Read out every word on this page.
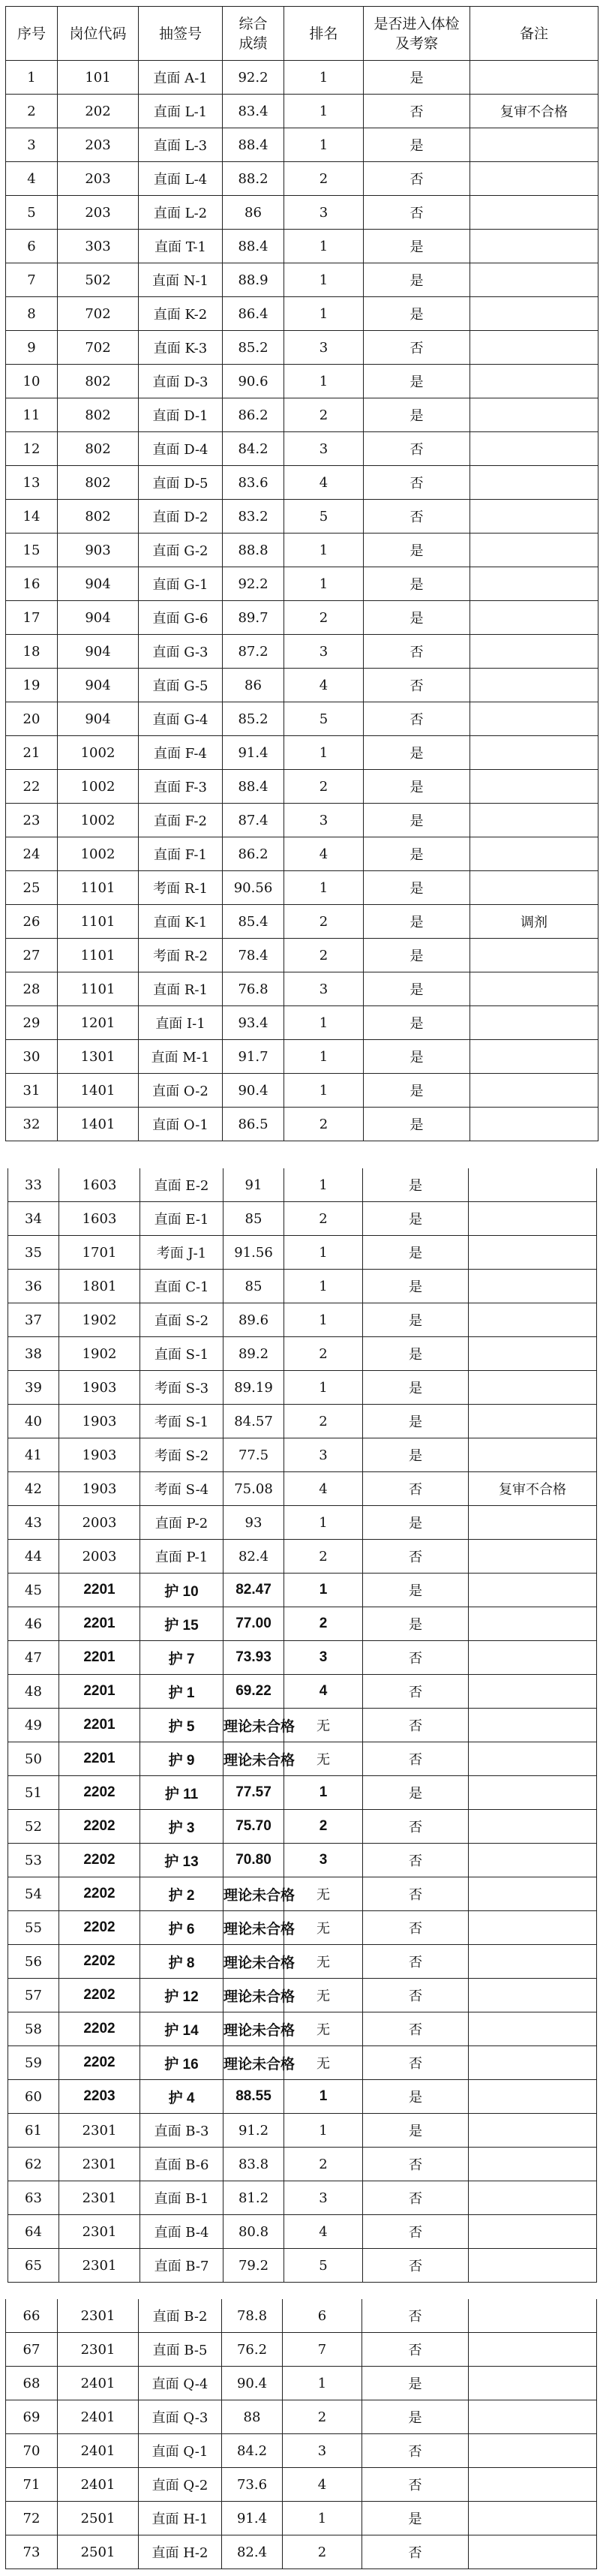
序号	岗位代码	抽签号	综合成绩	排名	是否进入体检及考察	备注
1	101	直面 A-1	92.2	1	是	
2	202	直面 L-1	83.4	1	否	复审不合格
3	203	直面 L-3	88.4	1	是	
4	203	直面 L-4	88.2	2	否	
5	203	直面 L-2	86	3	否	
6	303	直面 T-1	88.4	1	是	
7	502	直面 N-1	88.9	1	是	
8	702	直面 K-2	86.4	1	是	
9	702	直面 K-3	85.2	3	否	
10	802	直面 D-3	90.6	1	是	
11	802	直面 D-1	86.2	2	是	
12	802	直面 D-4	84.2	3	否	
13	802	直面 D-5	83.6	4	否	
14	802	直面 D-2	83.2	5	否	
15	903	直面 G-2	88.8	1	是	
16	904	直面 G-1	92.2	1	是	
17	904	直面 G-6	89.7	2	是	
18	904	直面 G-3	87.2	3	否	
19	904	直面 G-5	86	4	否	
20	904	直面 G-4	85.2	5	否	
21	1002	直面 F-4	91.4	1	是	
22	1002	直面 F-3	88.4	2	是	
23	1002	直面 F-2	87.4	3	是	
24	1002	直面 F-1	86.2	4	是	
25	1101	考面 R-1	90.56	1	是	
26	1101	直面 K-1	85.4	2	是	调剂
27	1101	考面 R-2	78.4	2	是	
28	1101	直面 R-1	76.8	3	是	
29	1201	直面 I-1	93.4	1	是	
30	1301	直面 M-1	91.7	1	是	
31	1401	直面 O-2	90.4	1	是	
32	1401	直面 O-1	86.5	2	是	
33	1603	直面 E-2	91	1	是	
34	1603	直面 E-1	85	2	是	
35	1701	考面 J-1	91.56	1	是	
36	1801	直面 C-1	85	1	是	
37	1902	直面 S-2	89.6	1	是	
38	1902	直面 S-1	89.2	2	是	
39	1903	考面 S-3	89.19	1	是	
40	1903	考面 S-1	84.57	2	是	
41	1903	考面 S-2	77.5	3	是	
42	1903	考面 S-4	75.08	4	否	复审不合格
43	2003	直面 P-2	93	1	是	
44	2003	直面 P-1	82.4	2	否	
45	2201	护 10	82.47	1	是	
46	2201	护 15	77.00	2	是	
47	2201	护 7	73.93	3	否	
48	2201	护 1	69.22	4	否	
49	2201	护 5	理论未合格	无	否	
50	2201	护 9	理论未合格	无	否	
51	2202	护 11	77.57	1	是	
52	2202	护 3	75.70	2	否	
53	2202	护 13	70.80	3	否	
54	2202	护 2	理论未合格	无	否	
55	2202	护 6	理论未合格	无	否	
56	2202	护 8	理论未合格	无	否	
57	2202	护 12	理论未合格	无	否	
58	2202	护 14	理论未合格	无	否	
59	2202	护 16	理论未合格	无	否	
60	2203	护 4	88.55	1	是	
61	2301	直面 B-3	91.2	1	是	
62	2301	直面 B-6	83.8	2	否	
63	2301	直面 B-1	81.2	3	否	
64	2301	直面 B-4	80.8	4	否	
65	2301	直面 B-7	79.2	5	否	
66	2301	直面 B-2	78.8	6	否	
67	2301	直面 B-5	76.2	7	否	
68	2401	直面 Q-4	90.4	1	是	
69	2401	直面 Q-3	88	2	是	
70	2401	直面 Q-1	84.2	3	否	
71	2401	直面 Q-2	73.6	4	否	
72	2501	直面 H-1	91.4	1	是	
73	2501	直面 H-2	82.4	2	否	
